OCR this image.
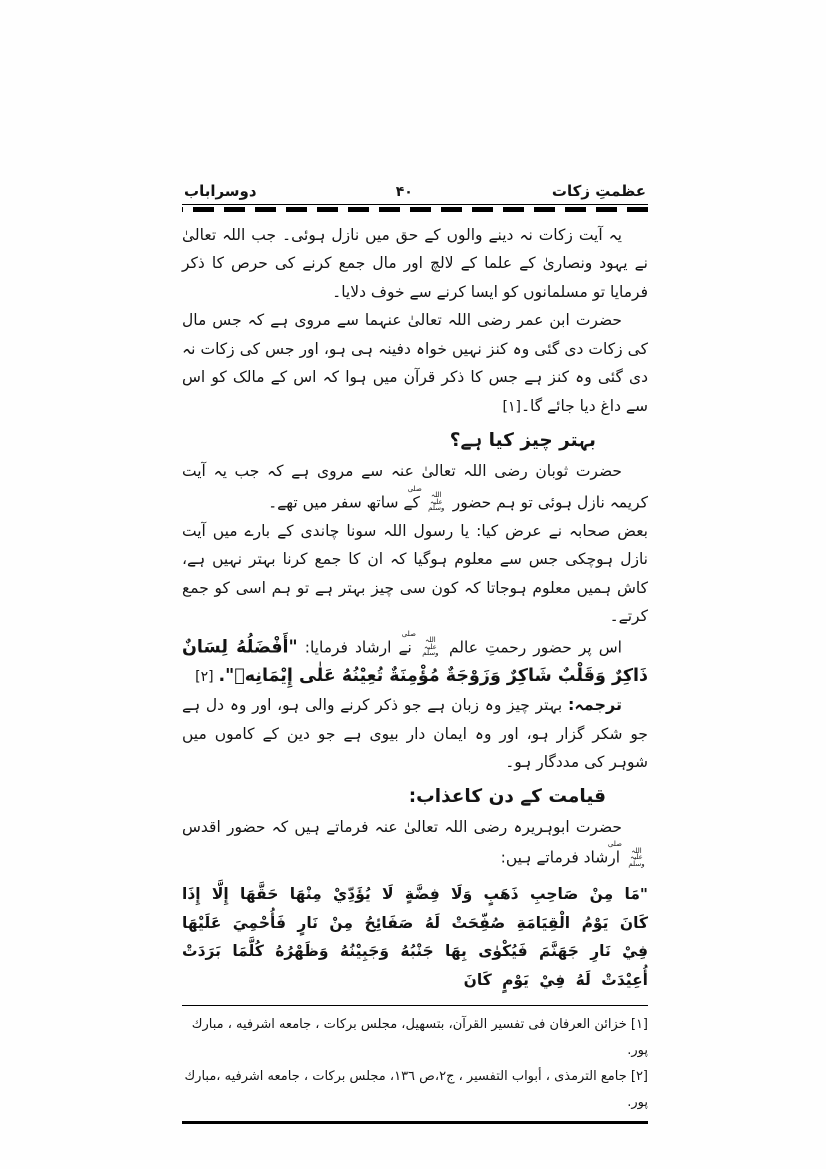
عظمتِ زکات
۴۰
دوسراباب

یہ آیت زکات نہ دینے والوں کے حق میں نازل ہوئی۔ جب اللہ تعالیٰ نے یہود ونصاریٰ کے علما کے لالچ اور مال جمع کرنے کی حرص کا ذکر فرمایا تو مسلمانوں کو ایسا کرنے سے خوف دلایا۔

حضرت ابن عمر رضی اللہ تعالیٰ عنہما سے مروی ہے کہ جس مال کی زکات دی گئی وہ کنز نہیں خواہ دفینہ ہی ہو، اور جس کی زکات نہ دی گئی وہ کنز ہے جس کا ذکر قرآن میں ہوا کہ اس کے مالک کو اس سے داغ دیا جائے گا۔[۱]

بہتر چیز کیا ہے؟

حضرت ثوبان رضی اللہ تعالیٰ عنہ سے مروی ہے کہ جب یہ آیت کریمہ نازل ہوئی تو ہم حضور صلی اللہ علیہ وسلم کے ساتھ سفر میں تھے۔

بعض صحابہ نے عرض کیا: یا رسول اللہ سونا چاندی کے بارے میں آیت نازل ہوچکی جس سے معلوم ہوگیا کہ ان کا جمع کرنا بہتر نہیں ہے، کاش ہمیں معلوم ہوجاتا کہ کون سی چیز بہتر ہے تو ہم اسی کو جمع کرتے۔

اس پر حضور رحمتِ عالم صلی اللہ علیہ وسلم نے ارشاد فرمایا: "أَفْضَلُهُ لِسَانٌ ذَاكِرٌ وَقَلْبٌ شَاكِرٌ وَزَوْجَةٌ مُؤْمِنَةٌ تُعِيْنُهُ عَلٰى إِيْمَانِهٖ". [۲]

ترجمہ: بہتر چیز وہ زبان ہے جو ذکر کرنے والی ہو، اور وہ دل ہے جو شکر گزار ہو، اور وہ ایمان دار بیوی ہے جو دین کے کاموں میں شوہر کی مددگار ہو۔

قیامت کے دن کاعذاب:

حضرت ابوہریرہ رضی اللہ تعالیٰ عنہ فرماتے ہیں کہ حضور اقدس صلی اللہ علیہ وسلم ارشاد فرماتے ہیں:

"مَا مِنْ صَاحِبِ ذَهَبٍ وَلَا فِضَّةٍ لَا يُؤَدِّيْ مِنْهَا حَقَّهَا إِلَّا إِذَا كَانَ يَوْمُ الْقِيَامَةِ صُفِّحَتْ لَهُ صَفَائِحُ مِنْ نَارٍ فَأُحْمِيَ عَلَيْهَا فِيْ نَارِ جَهَنَّمَ فَيُكْوٰى بِهَا جَنْبُهُ وَجَبِيْنُهُ وَظَهْرُهُ كُلَّمَا بَرَدَتْ أُعِيْدَتْ لَهُ فِيْ يَوْمٍ كَانَ

[١] خزائن العرفان فى تفسير القرآن، بتسهيل، مجلس بركات ، جامعه اشرفيه ، مبارك پور.

[٢] جامع الترمذى ، أبواب التفسير ، ج٢،ص ١٣٦، مجلس بركات ، جامعه اشرفيه ،مبارك پور.
